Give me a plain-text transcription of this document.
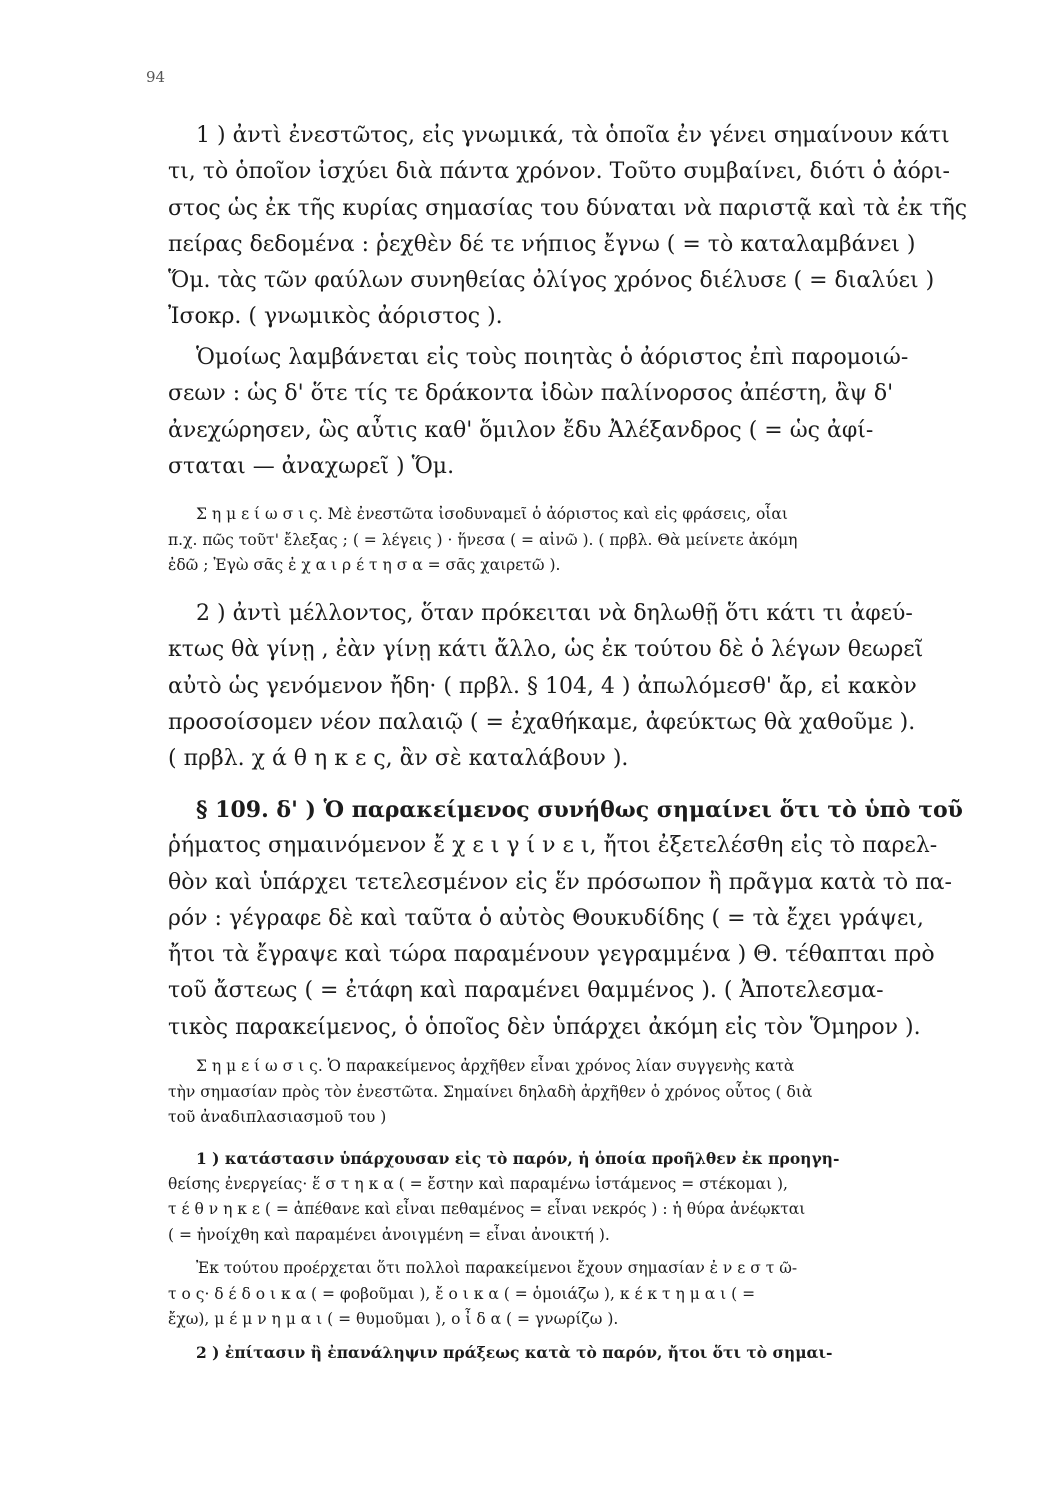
94

1 ) ἀντὶ ἐνεστῶτος, εἰς γνωμικά, τὰ ὁποῖα ἐν γένει σημαίνουν κάτι
τι, τὸ ὁποῖον ἰσχύει διὰ πάντα χρόνον. Τοῦτο συμβαίνει, διότι ὁ ἀόρι-
στος ὡς ἐκ τῆς κυρίας σημασίας του δύναται νὰ παριστᾷ καὶ τὰ ἐκ τῆς
πείρας δεδομένα : ῥεχθὲν δέ τε νήπιος ἔγνω ( = τὸ καταλαμβάνει )
Ὅμ. τὰς τῶν φαύλων συνηθείας ὀλίγος χρόνος διέλυσε ( = διαλύει )
Ἰσοκρ. ( γνωμικὸς ἀόριστος ).

Ὁμοίως λαμβάνεται εἰς τοὺς ποιητὰς ὁ ἀόριστος ἐπὶ παρομοιώ-
σεων : ὡς δ' ὅτε τίς τε δράκοντα ἰδὼν παλίνορσος ἀπέστη, ἂψ δ'
ἀνεχώρησεν, ὣς αὖτις καθ' ὅμιλον ἔδυ Ἀλέξανδρος ( = ὡς ἀφί-
σταται — ἀναχωρεῖ ) Ὅμ.

Σ η μ ε ί ω σ ι ς. Μὲ ἐνεστῶτα ἰσοδυναμεῖ ὁ ἀόριστος καὶ εἰς φράσεις, οἷαι
π.χ. πῶς τοῦτ' ἔλεξας ; ( = λέγεις ) · ἥνεσα ( = αἰνῶ ). ( πρβλ. Θὰ μείνετε ἀκόμη
ἐδῶ ; Ἐγὼ σᾶς ἐ χ α ι ρ έ τ η σ α = σᾶς χαιρετῶ ).

2 ) ἀντὶ μέλλοντος, ὅταν πρόκειται νὰ δηλωθῇ ὅτι κάτι τι ἀφεύ-
κτως θὰ γίνῃ , ἐὰν γίνῃ κάτι ἄλλο, ὡς ἐκ τούτου δὲ ὁ λέγων θεωρεῖ
αὐτὸ ὡς γενόμενον ἤδη· ( πρβλ. § 104, 4 ) ἀπωλόμεσθ' ἄρ, εἰ κακὸν
προσοίσομεν νέον παλαιῷ ( = ἐχαθήκαμε, ἀφεύκτως θὰ χαθοῦμε ).
( πρβλ. χ ά θ η κ ε ς, ἂν σὲ καταλάβουν ).

§ 109. δ' ) Ὁ παρακείμενος συνήθως σημαίνει ὅτι τὸ ὑπὸ τοῦ
ῥήματος σημαινόμενον ἔ χ ε ι γ ί ν ε ι, ἤτοι ἐξετελέσθη εἰς τὸ παρελ-
θὸν καὶ ὑπάρχει τετελεσμένον εἰς ἕν πρόσωπον ἢ πρᾶγμα κατὰ τὸ πα-
ρόν : γέγραφε δὲ καὶ ταῦτα ὁ αὐτὸς Θουκυδίδης ( = τὰ ἔχει γράψει,
ἤτοι τὰ ἔγραψε καὶ τώρα παραμένουν γεγραμμένα ) Θ. τέθαπται πρὸ
τοῦ ἄστεως ( = ἐτάφη καὶ παραμένει θαμμένος ). ( Ἀποτελεσμα-
τικὸς παρακείμενος, ὁ ὁποῖος δὲν ὑπάρχει ἀκόμη εἰς τὸν Ὅμηρον ).

Σ η μ ε ί ω σ ι ς. Ὁ παρακείμενος ἀρχῆθεν εἶναι χρόνος λίαν συγγενὴς κατὰ
τὴν σημασίαν πρὸς τὸν ἐνεστῶτα. Σημαίνει δηλαδὴ ἀρχῆθεν ὁ χρόνος οὗτος ( διὰ
τοῦ ἀναδιπλασιασμοῦ του )

1 ) κατάστασιν ὑπάρχουσαν εἰς τὸ παρόν, ἡ ὁποία προῆλθεν ἐκ προηγη-
θείσης ἐνεργείας· ἕ σ τ η κ α ( = ἔστην καὶ παραμένω ἱστάμενος = στέκομαι ),
τ έ θ ν η κ ε ( = ἀπέθανε καὶ εἶναι πεθαμένος = εἶναι νεκρός ) : ἡ θύρα ἀνέῳκται
( = ἠνοίχθη καὶ παραμένει ἀνοιγμένη = εἶναι ἀνοικτή ).

Ἐκ τούτου προέρχεται ὅτι πολλοὶ παρακείμενοι ἔχουν σημασίαν ἐ ν ε σ τ ῶ-
τ ο ς· δ έ δ ο ι κ α ( = φοβοῦμαι ), ἔ ο ι κ α ( = ὁμοιάζω ), κ έ κ τ η μ α ι ( =
ἔχω), μ έ μ ν η μ α ι ( = θυμοῦμαι ), ο ἶ δ α ( = γνωρίζω ).

2 ) ἐπίτασιν ἢ ἐπανάληψιν πράξεως κατὰ τὸ παρόν, ἤτοι ὅτι τὸ σημαι-
